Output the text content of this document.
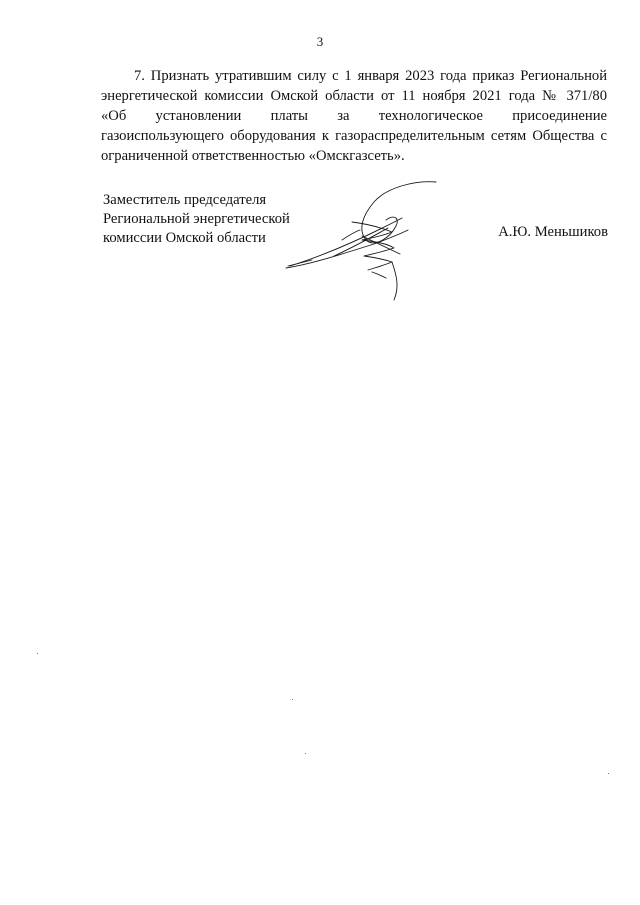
3
7. Признать утратившим силу с 1 января 2023 года приказ Региональной
энергетической комиссии Омской области от 11 ноября 2021 года № 371/80
«Об установлении платы за технологическое присоединение
газоиспользующего оборудования к газораспределительным сетям Общества с
ограниченной ответственностью «Омскгазсеть».
Заместитель председателя
Региональной энергетической
комиссии Омской области	А.Ю. Меньшиков
